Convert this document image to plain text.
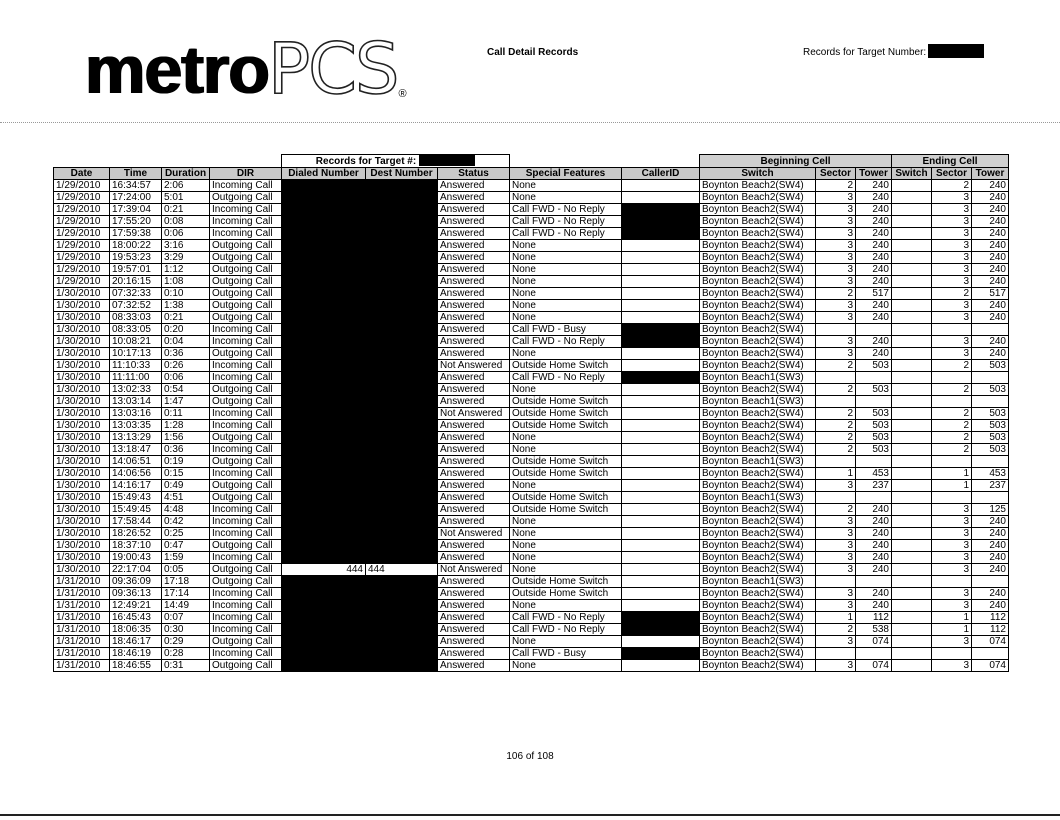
metroPCS$_®$
Call Detail Records	Records for Target Number:
				Records for Target #:					Beginning Cell			Ending Cell		
Date	Time	Duration	DIR	Dialed Number	Dest Number	Status	Special Features	CallerID	Switch	Sector	Tower	Switch	Sector	Tower
1/29/2010	16:34:57	2:06	Incoming Call			Answered	None		Boynton Beach2(SW4)	2	240		2	240
1/29/2010	17:24:00	5:01	Outgoing Call			Answered	None		Boynton Beach2(SW4)	3	240		3	240
1/29/2010	17:39:04	0:21	Incoming Call			Answered	Call FWD - No Reply		Boynton Beach2(SW4)	3	240		3	240
1/29/2010	17:55:20	0:08	Incoming Call			Answered	Call FWD - No Reply		Boynton Beach2(SW4)	3	240		3	240
1/29/2010	17:59:38	0:06	Incoming Call			Answered	Call FWD - No Reply		Boynton Beach2(SW4)	3	240		3	240
1/29/2010	18:00:22	3:16	Outgoing Call			Answered	None		Boynton Beach2(SW4)	3	240		3	240
1/29/2010	19:53:23	3:29	Outgoing Call			Answered	None		Boynton Beach2(SW4)	3	240		3	240
1/29/2010	19:57:01	1:12	Outgoing Call			Answered	None		Boynton Beach2(SW4)	3	240		3	240
1/29/2010	20:16:15	1:08	Outgoing Call			Answered	None		Boynton Beach2(SW4)	3	240		3	240
1/30/2010	07:32:33	0:10	Outgoing Call			Answered	None		Boynton Beach2(SW4)	2	517		2	517
1/30/2010	07:32:52	1:38	Outgoing Call			Answered	None		Boynton Beach2(SW4)	3	240		3	240
1/30/2010	08:33:03	0:21	Outgoing Call			Answered	None		Boynton Beach2(SW4)	3	240		3	240
1/30/2010	08:33:05	0:20	Incoming Call			Answered	Call FWD - Busy		Boynton Beach2(SW4)					
1/30/2010	10:08:21	0:04	Incoming Call			Answered	Call FWD - No Reply		Boynton Beach2(SW4)	3	240		3	240
1/30/2010	10:17:13	0:36	Outgoing Call			Answered	None		Boynton Beach2(SW4)	3	240		3	240
1/30/2010	11:10:33	0:26	Incoming Call			Not Answered	Outside Home Switch		Boynton Beach2(SW4)	2	503		2	503
1/30/2010	11:11:00	0:06	Incoming Call			Answered	Call FWD - No Reply		Boynton Beach1(SW3)					
1/30/2010	13:02:33	0:54	Outgoing Call			Answered	None		Boynton Beach2(SW4)	2	503		2	503
1/30/2010	13:03:14	1:47	Outgoing Call			Answered	Outside Home Switch		Boynton Beach1(SW3)					
1/30/2010	13:03:16	0:11	Incoming Call			Not Answered	Outside Home Switch		Boynton Beach2(SW4)	2	503		2	503
1/30/2010	13:03:35	1:28	Incoming Call			Answered	Outside Home Switch		Boynton Beach2(SW4)	2	503		2	503
1/30/2010	13:13:29	1:56	Outgoing Call			Answered	None		Boynton Beach2(SW4)	2	503		2	503
1/30/2010	13:18:47	0:36	Incoming Call			Answered	None		Boynton Beach2(SW4)	2	503		2	503
1/30/2010	14:06:51	0:19	Outgoing Call			Answered	Outside Home Switch		Boynton Beach1(SW3)					
1/30/2010	14:06:56	0:15	Incoming Call			Answered	Outside Home Switch		Boynton Beach2(SW4)	1	453		1	453
1/30/2010	14:16:17	0:49	Outgoing Call			Answered	None		Boynton Beach2(SW4)	3	237		1	237
1/30/2010	15:49:43	4:51	Outgoing Call			Answered	Outside Home Switch		Boynton Beach1(SW3)					
1/30/2010	15:49:45	4:48	Incoming Call			Answered	Outside Home Switch		Boynton Beach2(SW4)	2	240		3	125
1/30/2010	17:58:44	0:42	Incoming Call			Answered	None		Boynton Beach2(SW4)	3	240		3	240
1/30/2010	18:26:52	0:25	Incoming Call			Not Answered	None		Boynton Beach2(SW4)	3	240		3	240
1/30/2010	18:37:10	0:47	Outgoing Call			Answered	None		Boynton Beach2(SW4)	3	240		3	240
1/30/2010	19:00:43	1:59	Incoming Call			Answered	None		Boynton Beach2(SW4)	3	240		3	240
1/30/2010	22:17:04	0:05	Outgoing Call	444	444	Not Answered	None		Boynton Beach2(SW4)	3	240		3	240
1/31/2010	09:36:09	17:18	Outgoing Call			Answered	Outside Home Switch		Boynton Beach1(SW3)					
1/31/2010	09:36:13	17:14	Incoming Call			Answered	Outside Home Switch		Boynton Beach2(SW4)	3	240		3	240
1/31/2010	12:49:21	14:49	Incoming Call			Answered	None		Boynton Beach2(SW4)	3	240		3	240
1/31/2010	16:45:43	0:07	Incoming Call			Answered	Call FWD - No Reply		Boynton Beach2(SW4)	1	112		1	112
1/31/2010	18:06:35	0:30	Incoming Call			Answered	Call FWD - No Reply		Boynton Beach2(SW4)	2	538		1	112
1/31/2010	18:46:17	0:29	Outgoing Call			Answered	None		Boynton Beach2(SW4)	3	074		3	074
1/31/2010	18:46:19	0:28	Incoming Call			Answered	Call FWD - Busy		Boynton Beach2(SW4)					
1/31/2010	18:46:55	0:31	Outgoing Call			Answered	None		Boynton Beach2(SW4)	3	074		3	074
106 of 108
